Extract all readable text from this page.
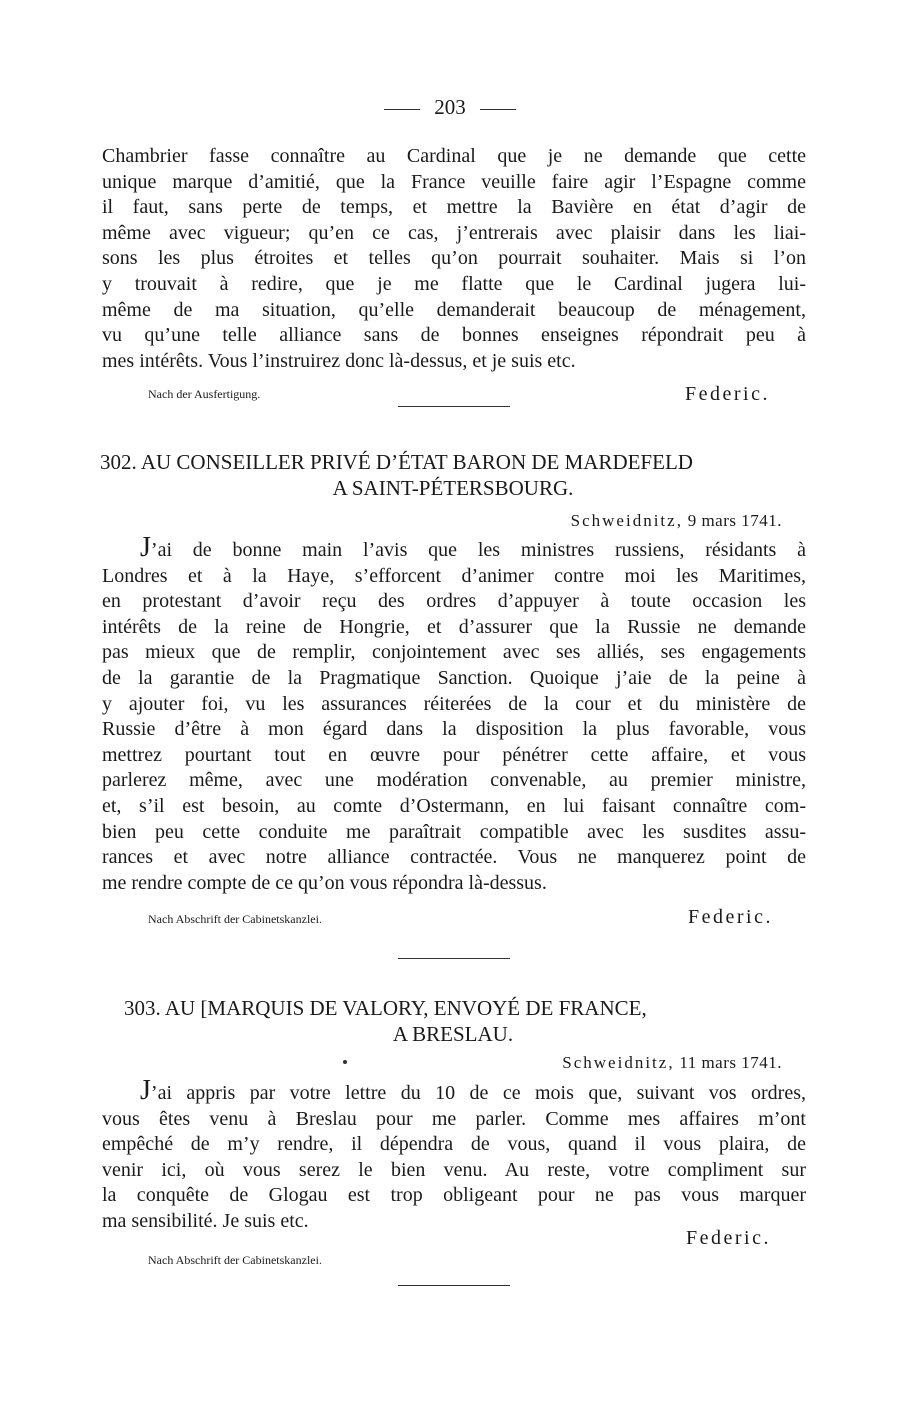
203
Chambrier fasse connaître au Cardinal que je ne demande que cette
unique marque d’amitié, que la France veuille faire agir l’Espagne comme
il faut, sans perte de temps, et mettre la Bavière en état d’agir de
même avec vigueur; qu’en ce cas, j’entrerais avec plaisir dans les liai-
sons les plus étroites et telles qu’on pourrait souhaiter. Mais si l’on
y trouvait à redire, que je me flatte que le Cardinal jugera lui-
même de ma situation, qu’elle demanderait beaucoup de ménagement,
vu qu’une telle alliance sans de bonnes enseignes répondrait peu à
mes intérêts. Vous l’instruirez donc là-dessus, et je suis etc.
Nach der Ausfertigung.	Federic.
302. AU CONSEILLER PRIVÉ D’ÉTAT BARON DE MARDEFELD
A SAINT-PÉTERSBOURG.
Schweidnitz, 9 mars 1741.
J’ai de bonne main l’avis que les ministres russiens, résidants à
Londres et à la Haye, s’efforcent d’animer contre moi les Maritimes,
en protestant d’avoir reçu des ordres d’appuyer à toute occasion les
intérêts de la reine de Hongrie, et d’assurer que la Russie ne demande
pas mieux que de remplir, conjointement avec ses alliés, ses engagements
de la garantie de la Pragmatique Sanction. Quoique j’aie de la peine à
y ajouter foi, vu les assurances réiterées de la cour et du ministère de
Russie d’être à mon égard dans la disposition la plus favorable, vous
mettrez pourtant tout en œuvre pour pénétrer cette affaire, et vous
parlerez même, avec une modération convenable, au premier ministre,
et, s’il est besoin, au comte d’Ostermann, en lui faisant connaître com-
bien peu cette conduite me paraîtrait compatible avec les susdites assu-
rances et avec notre alliance contractée. Vous ne manquerez point de
me rendre compte de ce qu’on vous répondra là-dessus.
Nach Abschrift der Cabinetskanzlei.	Federic.
303. AU [MARQUIS DE VALORY, ENVOYÉ DE FRANCE,
A BRESLAU.
Schweidnitz, 11 mars 1741.
J’ai appris par votre lettre du 10 de ce mois que, suivant vos ordres,
vous êtes venu à Breslau pour me parler. Comme mes affaires m’ont
empêché de m’y rendre, il dépendra de vous, quand il vous plaira, de
venir ici, où vous serez le bien venu. Au reste, votre compliment sur
la conquête de Glogau est trop obligeant pour ne pas vous marquer
ma sensibilité. Je suis etc.
Federic.
Nach Abschrift der Cabinetskanzlei.
